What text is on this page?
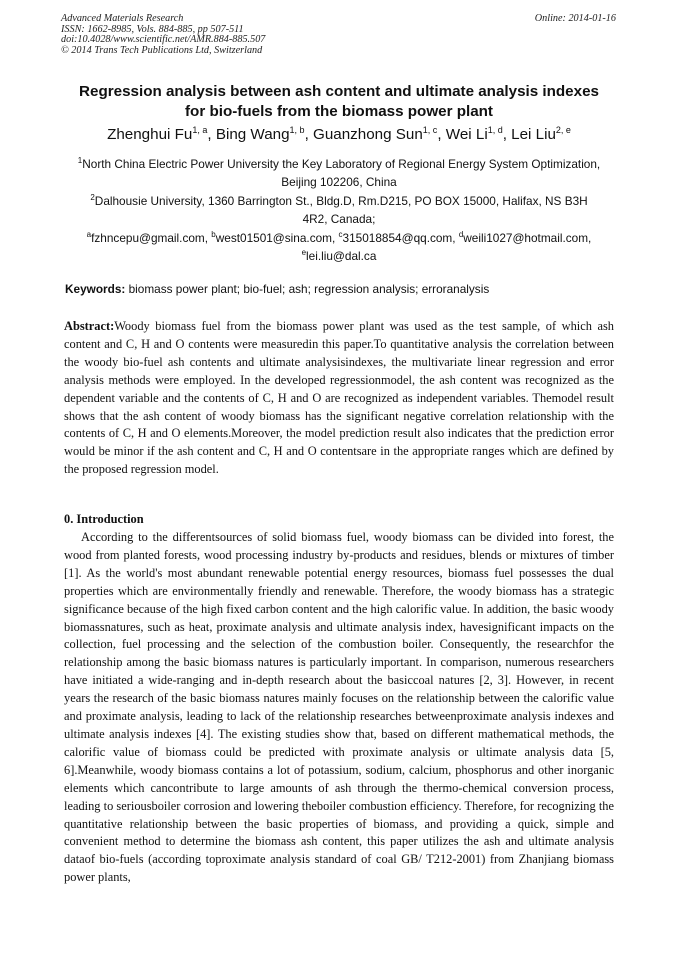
Advanced Materials Research
ISSN: 1662-8985, Vols. 884-885, pp 507-511
doi:10.4028/www.scientific.net/AMR.884-885.507
© 2014 Trans Tech Publications Ltd, Switzerland
Online: 2014-01-16
Regression analysis between ash content and ultimate analysis indexes
for bio-fuels from the biomass power plant
Zhenghui Fu$^{1, a}$, Bing Wang$^{1, b}$, Guanzhong Sun$^{1, c}$, Wei Li$^{1, d}$, Lei Liu$^{2, e}$
$^1$North China Electric Power University the Key Laboratory of Regional Energy System Optimization,
Beijing 102206, China
$^2$Dalhousie University, 1360 Barrington St., Bldg.D, Rm.D215, PO BOX 15000, Halifax, NS B3H
4R2, Canada;
$^a$fzhncepu@gmail.com, $^b$west01501@sina.com, $^c$315018854@qq.com, $^d$weili1027@hotmail.com,
$^e$lei.liu@dal.ca
Keywords: biomass power plant; bio-fuel; ash; regression analysis; erroranalysis
Abstract:Woody biomass fuel from the biomass power plant was used as the test sample, of which ash content and C, H and O contents were measuredin this paper.To quantitative analysis the correlation between the woody bio-fuel ash contents and ultimate analysisindexes, the multivariate linear regression and error analysis methods were employed. In the developed regressionmodel, the ash content was recognized as the dependent variable and the contents of C, H and O are recognized as independent variables. Themodel result shows that the ash content of woody biomass has the significant negative correlation relationship with the contents of C, H and O elements.Moreover, the model prediction result also indicates that the prediction error would be minor if the ash content and C, H and O contentsare in the appropriate ranges which are defined by the proposed regression model.
0. Introduction
According to the differentsources of solid biomass fuel, woody biomass can be divided into forest, the wood from planted forests, wood processing industry by-products and residues, blends or mixtures of timber [1]. As the world's most abundant renewable potential energy resources, biomass fuel possesses the dual properties which are environmentally friendly and renewable. Therefore, the woody biomass has a strategic significance because of the high fixed carbon content and the high calorific value. In addition, the basic woody biomassnatures, such as heat, proximate analysis and ultimate analysis index, havesignificant impacts on the collection, fuel processing and the selection of the combustion boiler. Consequently, the researchfor the relationship among the basic biomass natures is particularly important. In comparison, numerous researchers have initiated a wide-ranging and in-depth research about the basiccoal natures [2, 3]. However, in recent years the research of the basic biomass natures mainly focuses on the relationship between the calorific value and proximate analysis, leading to lack of the relationship researches betweenproximate analysis indexes and ultimate analysis indexes [4]. The existing studies show that, based on different mathematical methods, the calorific value of biomass could be predicted with proximate analysis or ultimate analysis data [5, 6].Meanwhile, woody biomass contains a lot of potassium, sodium, calcium, phosphorus and other inorganic elements which cancontribute to large amounts of ash through the thermo-chemical conversion process, leading to seriousboiler corrosion and lowering theboiler combustion efficiency. Therefore, for recognizing the quantitative relationship between the basic properties of biomass, and providing a quick, simple and convenient method to determine the biomass ash content, this paper utilizes the ash and ultimate analysis dataof bio-fuels (according toproximate analysis standard of coal GB/ T212-2001) from Zhanjiang biomass power plants,
